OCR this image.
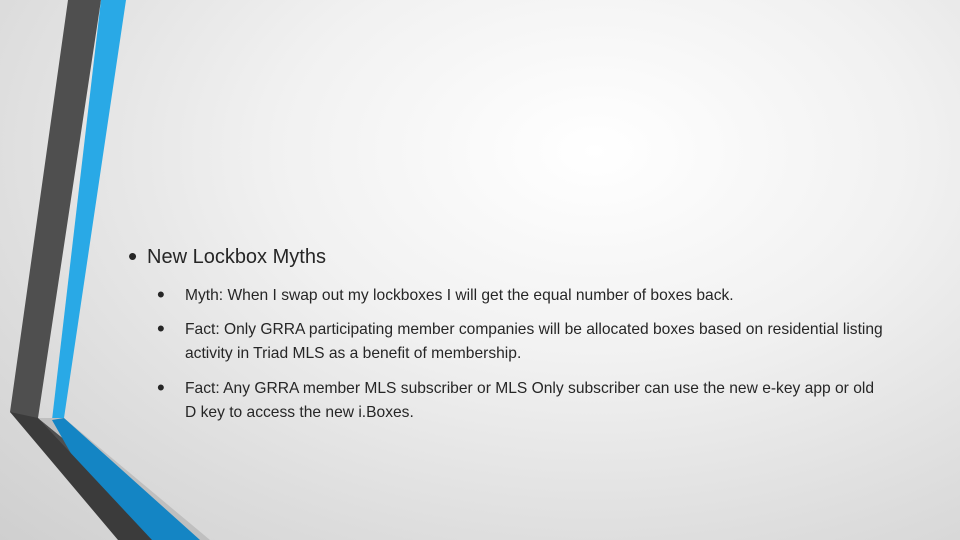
• New Lockbox Myths
•	Myth: When I swap out my lockboxes I will get the equal number of boxes back.
•	Fact: Only GRRA participating member companies will be allocated boxes based on residential listing activity in Triad MLS as a benefit of membership.
•	Fact: Any GRRA member MLS subscriber or MLS Only subscriber can use the new e-key app or old D key to access the new i.Boxes.
